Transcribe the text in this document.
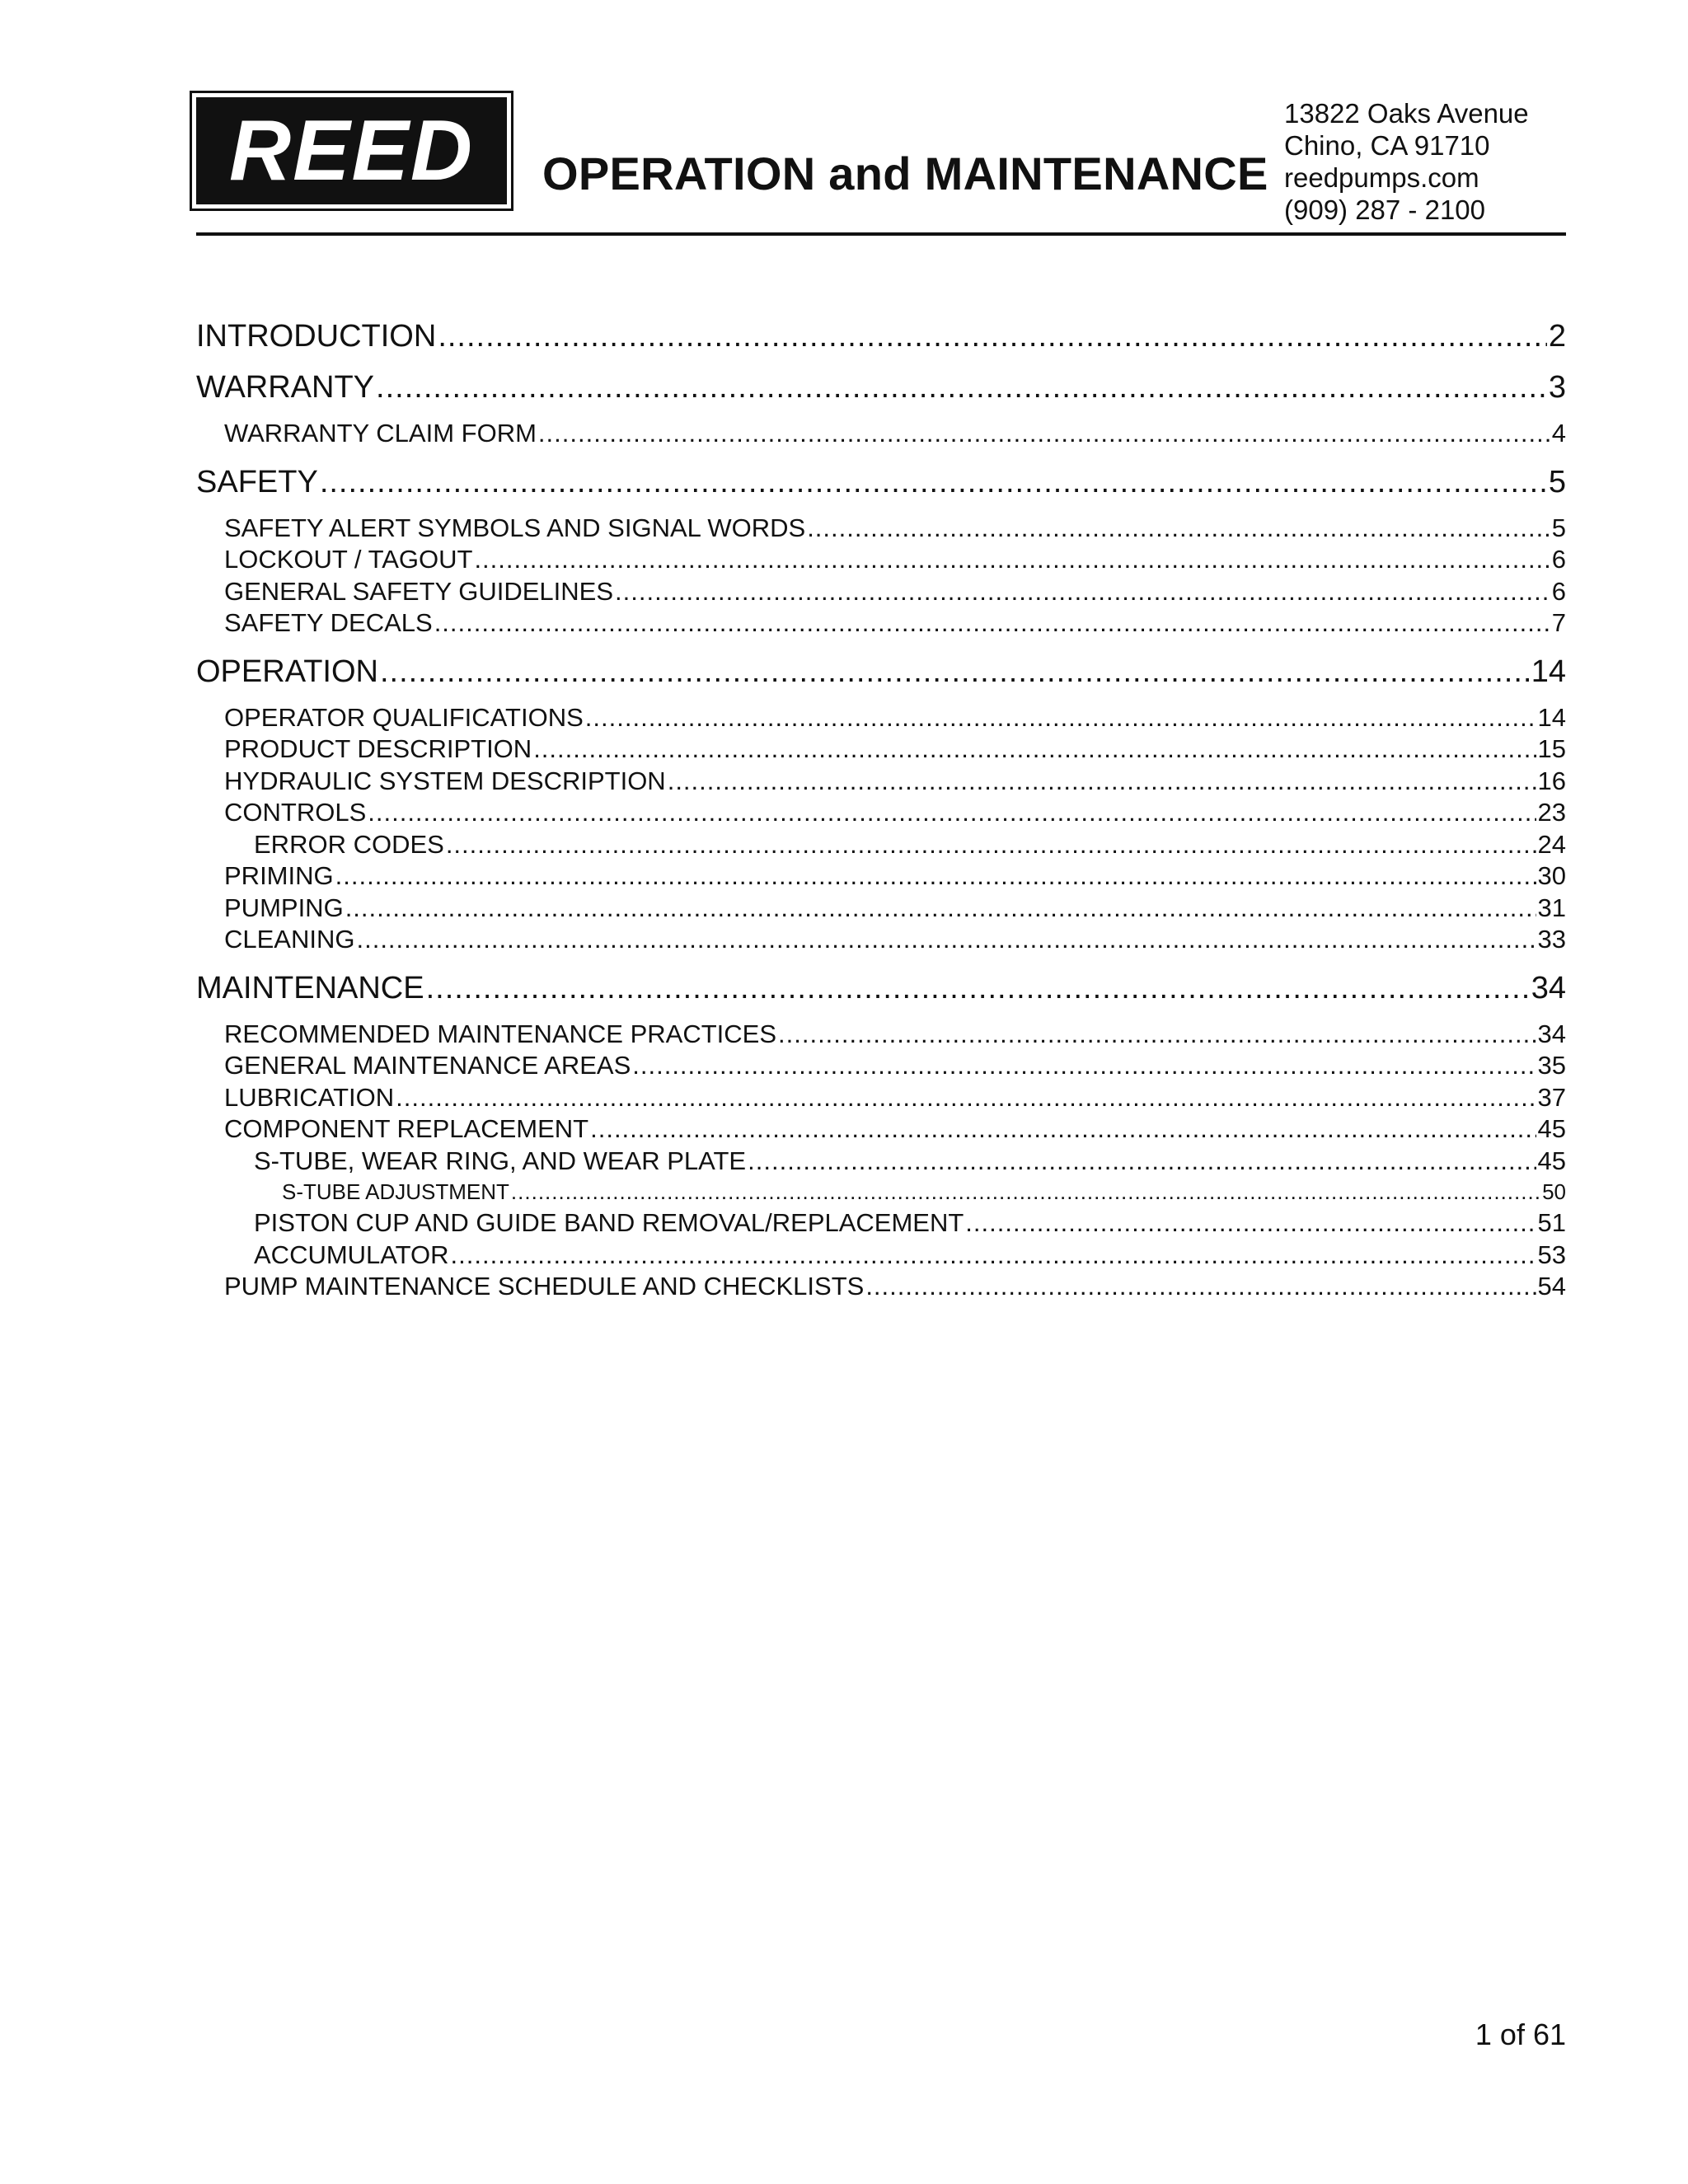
REED	OPERATION and MAINTENANCE
13822 Oaks Avenue
Chino, CA 91710
reedpumps.com
(909) 287 - 2100
INTRODUCTION .....	2
WARRANTY .....	3
WARRANTY CLAIM FORM .....	4
SAFETY .....	5
SAFETY ALERT SYMBOLS AND SIGNAL WORDS .....	5
LOCKOUT / TAGOUT .....	6
GENERAL SAFETY GUIDELINES .....	6
SAFETY DECALS .....	7
OPERATION .....	14
OPERATOR QUALIFICATIONS .....	14
PRODUCT DESCRIPTION .....	15
HYDRAULIC SYSTEM DESCRIPTION .....	16
CONTROLS .....	23
ERROR CODES .....	24
PRIMING .....	30
PUMPING .....	31
CLEANING .....	33
MAINTENANCE .....	34
RECOMMENDED MAINTENANCE PRACTICES .....	34
GENERAL MAINTENANCE AREAS .....	35
LUBRICATION .....	37
COMPONENT REPLACEMENT .....	45
S-TUBE, WEAR RING, AND WEAR PLATE .....	45
S-TUBE ADJUSTMENT .....	50
PISTON CUP AND GUIDE BAND REMOVAL/REPLACEMENT .....	51
ACCUMULATOR .....	53
PUMP MAINTENANCE SCHEDULE AND CHECKLISTS .....	54
1 of 61
